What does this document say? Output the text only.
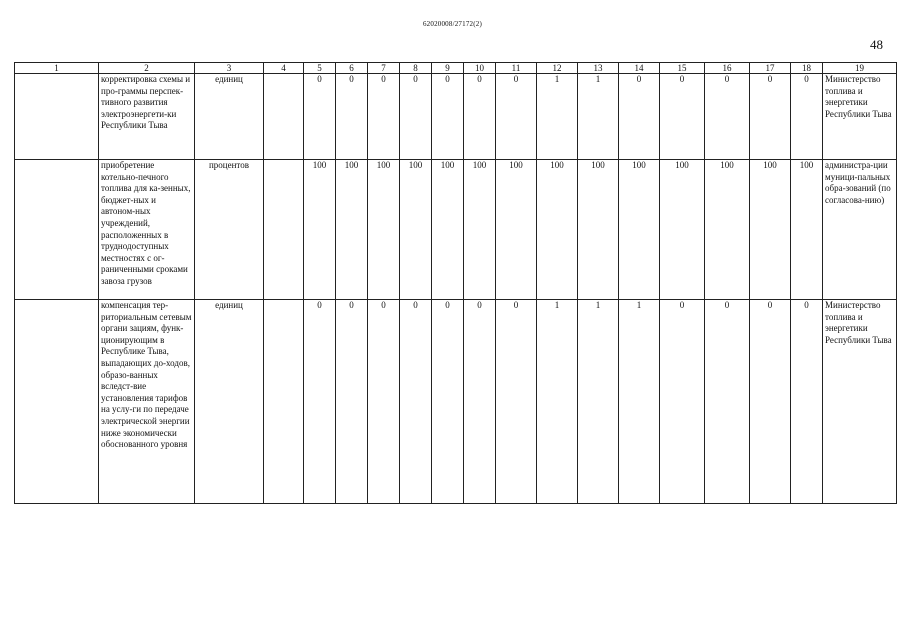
62020008/27172(2)
48
1	2	3	4	5	6	7	8	9	10	11	12	13	14	15	16	17	18	19
	корректировка схемы и про-граммы перспек-тивного развития электроэнергети-ки Республики Тыва	единиц		0	0	0	0	0	0	0	1	1	0	0	0	0	0	Министерство топлива и энергетики Республики Тыва
	приобретение котельно-печного топлива для ка-зенных, бюджет-ных и автоном-ных учреждений, расположенных в труднодоступных местностях с ог-раниченными сроками завоза грузов	процентов		100	100	100	100	100	100	100	100	100	100	100	100	100	100	администра-ции муници-пальных обра-зований (по согласова-нию)
	компенсация тер-риториальным сетевым органи зациям, функ-ционирующим в Республике Тыва, выпадающих до-ходов, образо-ванных вследст-вие установления тарифов на услу-ги по передаче электрической энергии ниже экономически обоснованного уровня	единиц		0	0	0	0	0	0	0	1	1	1	0	0	0	0	Министерство топлива и энергетики Республики Тыва
